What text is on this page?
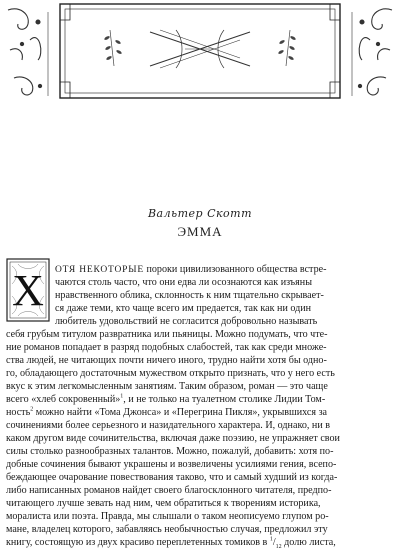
Вальтер Скотт
ЭММА
Х ОТЯ НЕКОТОРЫЕ пороки цивилизованного общества встре-
чаются столь часто, что они едва ли осознаются как изъяны
нравственного облика, склонность к ним тщательно скрывает-
ся даже теми, кто чаще всего им предается, так как ни один
любитель удовольствий не согласится добровольно называть
себя грубым титулом развратника или пьяницы. Можно подумать, что чте-
ние романов попадает в разряд подобных слабостей, так как среди множе-
ства людей, не читающих почти ничего иного, трудно найти хотя бы одно-
го, обладающего достаточным мужеством открыто признать, что у него есть
вкус к этим легкомысленным занятиям. Таким образом, роман — это чаще
всего «хлеб сокровенный»$^1$, и не только на туалетном столике Лидии Том-
ность$^2$ можно найти «Тома Джонса» и «Перегрина Пикля», укрывшихся за
сочинениями более серьезного и назидательного характера. И, однако, ни в
каком другом виде сочинительства, включая даже поэзию, не упражняет свои
силы столько разнообразных талантов. Можно, пожалуй, добавить: хотя по-
добные сочинения бывают украшены и возвеличены усилиями гения, всепо-
беждающее очарование повествования таково, что и самый худший из когда-
либо написанных романов найдет своего благосклонного читателя, предпо-
читающего лучше зевать над ним, чем обратиться к творениям историка,
моралиста или поэта. Правда, мы слышали о таком неописуемо глупом ро-
мане, владелец которого, забавляясь необычностью случая, предложил эту
книгу, состоящую из двух красиво переплетенных томиков в $^1/_{12}$ долю листа,
